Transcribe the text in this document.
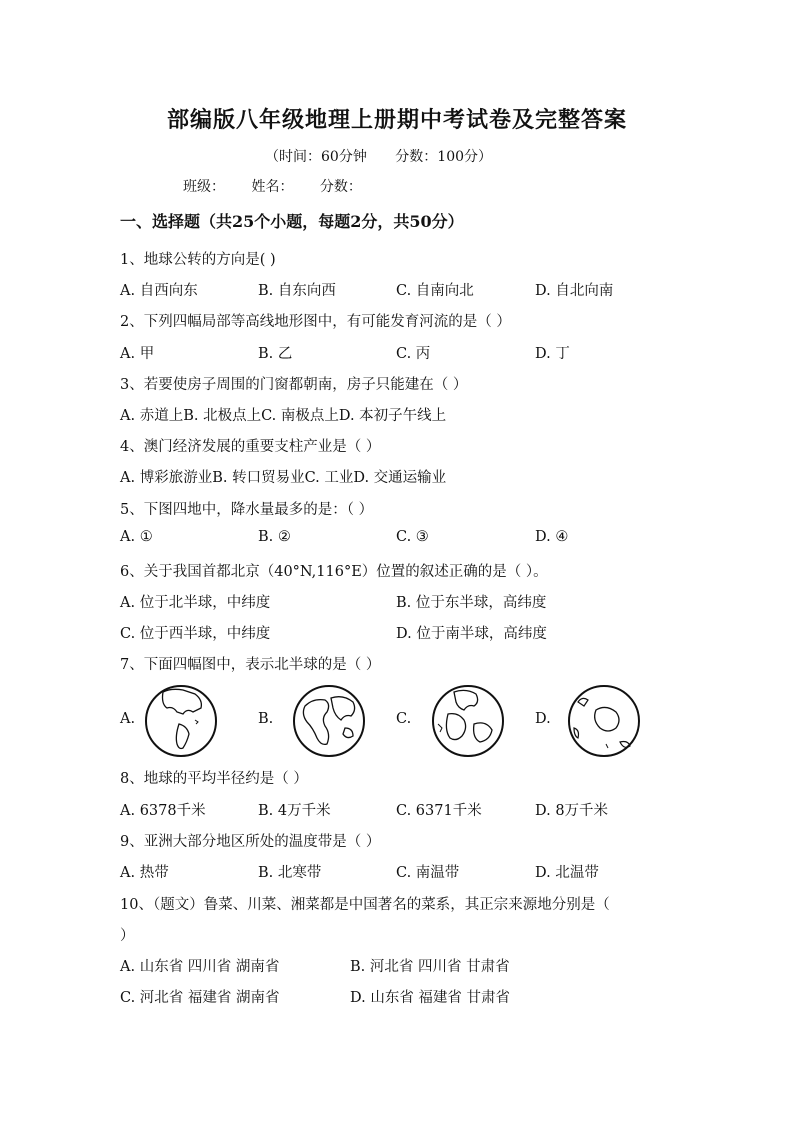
部编版八年级地理上册期中考试卷及完整答案
（时间：60分钟 分数：100分）
班级： 姓名： 分数：
一、选择题（共25个小题，每题2分，共50分）
1、地球公转的方向是( )
A. 自西向东	B. 自东向西	C. 自南向北	D. 自北向南
2、下列四幅局部等高线地形图中，有可能发育河流的是（ ）
A. 甲	B. 乙	C. 丙	D. 丁
3、若要使房子周围的门窗都朝南，房子只能建在（ ）
A. 赤道上B. 北极点上C. 南极点上D. 本初子午线上
4、澳门经济发展的重要支柱产业是（ ）
A. 博彩旅游业B. 转口贸易业C. 工业D. 交通运输业
5、下图四地中，降水量最多的是：（ ）
A. ①	B. ②	C. ③	D. ④
6、关于我国首都北京（40°N,116°E）位置的叙述正确的是（ ）。
A. 位于北半球，中纬度	B. 位于东半球，高纬度
C. 位于西半球，中纬度	D. 位于南半球，高纬度
7、下面四幅图中，表示北半球的是（ ）
A.	B.	C.	D.
8、地球的平均半径约是（ ）
A. 6378千米	B. 4万千米	C. 6371千米	D. 8万千米
9、亚洲大部分地区所处的温度带是（ ）
A. 热带	B. 北寒带	C. 南温带	D. 北温带
10、（题文）鲁菜、川菜、湘菜都是中国著名的菜系，其正宗来源地分别是（
）
A. 山东省 四川省 湖南省	B. 河北省 四川省 甘肃省
C. 河北省 福建省 湖南省	D. 山东省 福建省 甘肃省
